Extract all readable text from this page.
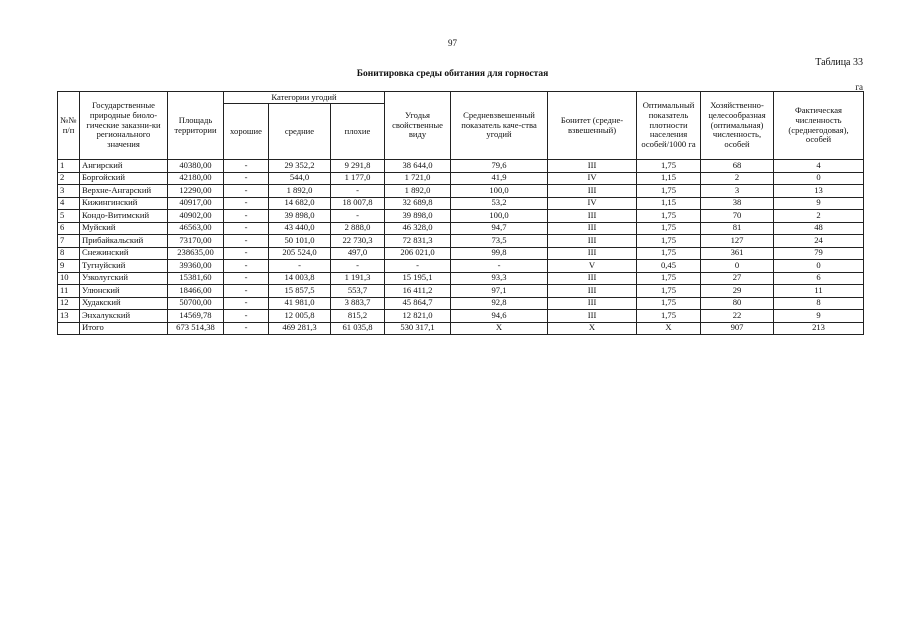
97
Таблица 33
Бонитировка среды обитания для горностая
га
№№ п/п	Государственные природные биоло-гические заказни-ки регионального значения	Площадь территории	Категории угодий			Угодья свойственные виду	Средневзвешенный показатель каче-ства угодий	Бонитет (средне-взвешенный)	Оптимальный показатель плотности населения особей/1000 га	Хозяйственно-целесообразная (оптимальная) численность, особей	Фактическая численность (среднегодовая), особей
			хорошие	средние	плохие						
1	Ангирский	40380,00	-	29 352,2	9 291,8	38 644,0	79,6	III	1,75	68	4
2	Боргойский	42180,00	-	544,0	1 177,0	1 721,0	41,9	IV	1,15	2	0
3	Верхне-Ангарский	12290,00	-	1 892,0	-	1 892,0	100,0	III	1,75	3	13
4	Кижингинский	40917,00	-	14 682,0	18 007,8	32 689,8	53,2	IV	1,15	38	9
5	Кондо-Витимский	40902,00	-	39 898,0	-	39 898,0	100,0	III	1,75	70	2
6	Муйский	46563,00	-	43 440,0	2 888,0	46 328,0	94,7	III	1,75	81	48
7	Прибайкальский	73170,00	-	50 101,0	22 730,3	72 831,3	73,5	III	1,75	127	24
8	Снежинский	238635,00	-	205 524,0	497,0	206 021,0	99,8	III	1,75	361	79
9	Тугнуйский	39360,00	-	-	-	-	-	V	0,45	0	0
10	Узколугский	15381,60	-	14 003,8	1 191,3	15 195,1	93,3	III	1,75	27	6
11	Улюнский	18466,00	-	15 857,5	553,7	16 411,2	97,1	III	1,75	29	11
12	Худакский	50700,00	-	41 981,0	3 883,7	45 864,7	92,8	III	1,75	80	8
13	Энхалукский	14569,78	-	12 005,8	815,2	12 821,0	94,6	III	1,75	22	9
	Итого	673 514,38	-	469 281,3	61 035,8	530 317,1	Х	Х	Х	907	213
